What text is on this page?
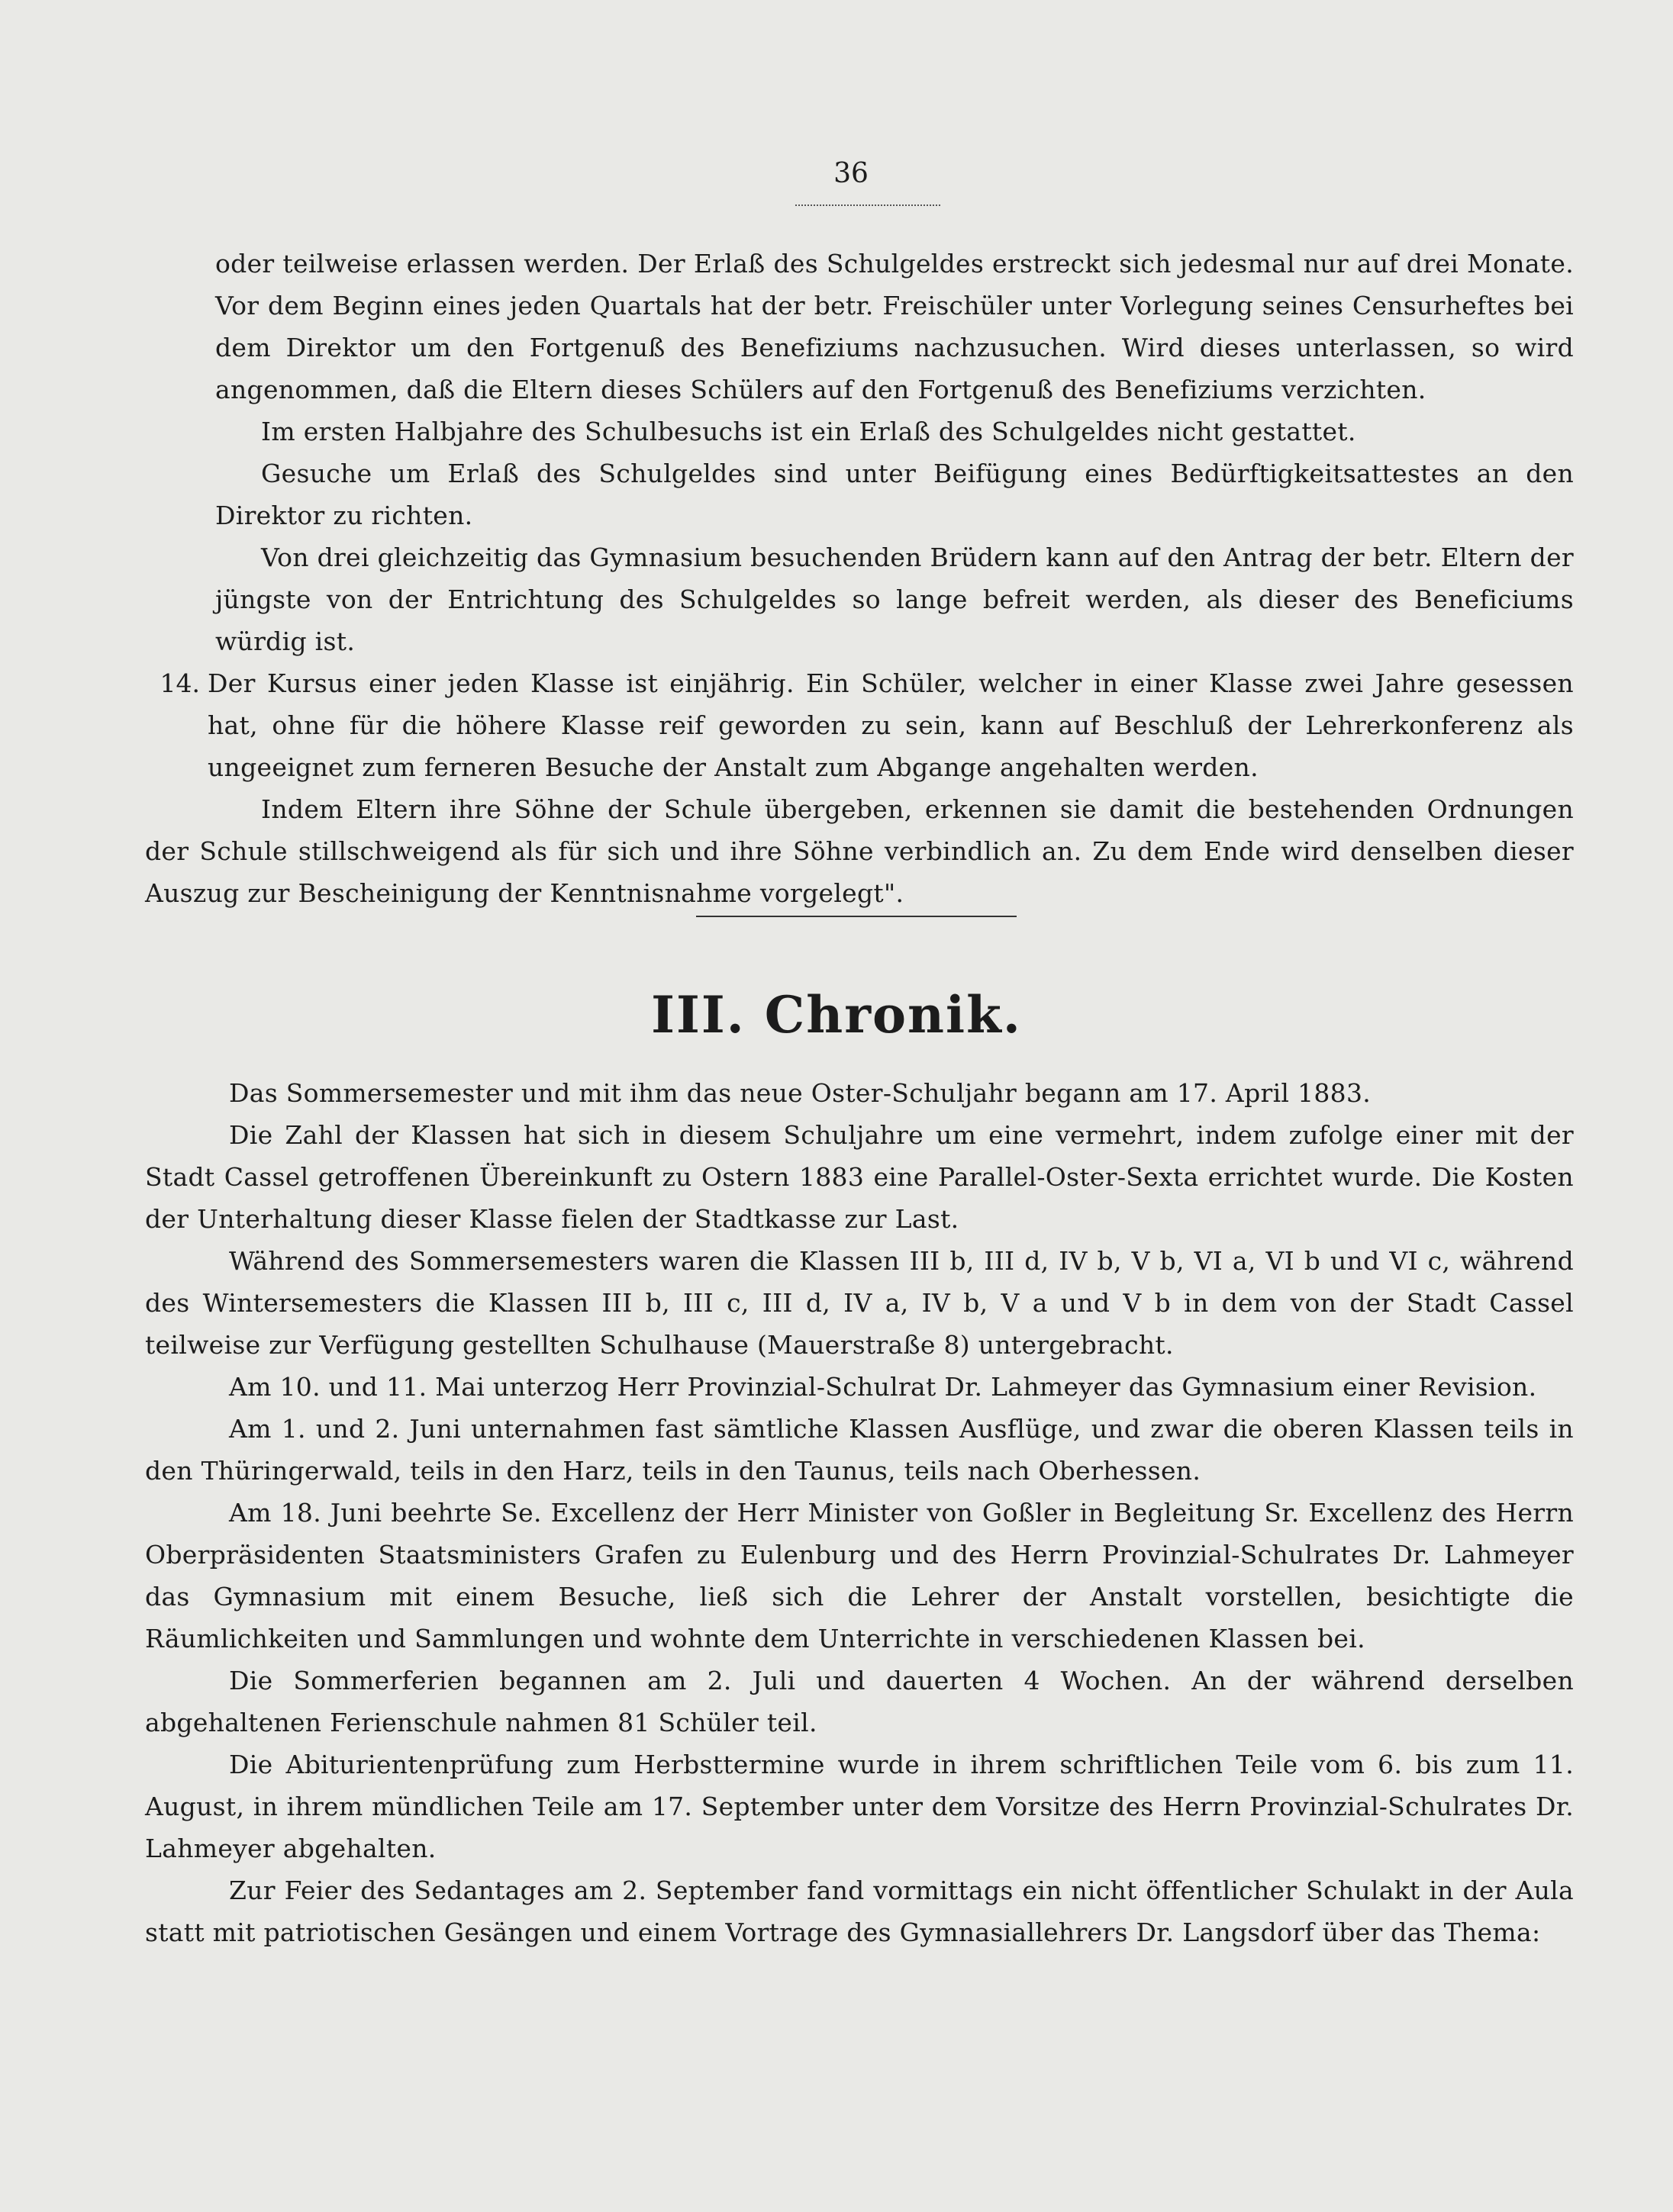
36

oder teilweise erlassen werden. Der Erlaß des Schulgeldes erstreckt sich jedesmal nur auf drei Monate. Vor dem Beginn eines jeden Quartals hat der betr. Freischüler unter Vorlegung seines Censurheftes bei dem Direktor um den Fortgenuß des Benefiziums nachzusuchen. Wird dieses unterlassen, so wird angenommen, daß die Eltern dieses Schülers auf den Fortgenuß des Benefiziums verzichten.

Im ersten Halbjahre des Schulbesuchs ist ein Erlaß des Schulgeldes nicht gestattet.

Gesuche um Erlaß des Schulgeldes sind unter Beifügung eines Bedürftigkeitsattestes an den Direktor zu richten.

Von drei gleichzeitig das Gymnasium besuchenden Brüdern kann auf den Antrag der betr. Eltern der jüngste von der Entrichtung des Schulgeldes so lange befreit werden, als dieser des Beneficiums würdig ist.

14. Der Kursus einer jeden Klasse ist einjährig. Ein Schüler, welcher in einer Klasse zwei Jahre gesessen hat, ohne für die höhere Klasse reif geworden zu sein, kann auf Beschluß der Lehrerkonferenz als ungeeignet zum ferneren Besuche der Anstalt zum Abgange angehalten werden.

Indem Eltern ihre Söhne der Schule übergeben, erkennen sie damit die bestehenden Ordnungen der Schule stillschweigend als für sich und ihre Söhne verbindlich an. Zu dem Ende wird denselben dieser Auszug zur Bescheinigung der Kenntnisnahme vorgelegt".

III. Chronik.

Das Sommersemester und mit ihm das neue Oster-Schuljahr begann am 17. April 1883.

Die Zahl der Klassen hat sich in diesem Schuljahre um eine vermehrt, indem zufolge einer mit der Stadt Cassel getroffenen Übereinkunft zu Ostern 1883 eine Parallel-Oster-Sexta errichtet wurde. Die Kosten der Unterhaltung dieser Klasse fielen der Stadtkasse zur Last.

Während des Sommersemesters waren die Klassen III b, III d, IV b, V b, VI a, VI b und VI c, während des Wintersemesters die Klassen III b, III c, III d, IV a, IV b, V a und V b in dem von der Stadt Cassel teilweise zur Verfügung gestellten Schulhause (Mauerstraße 8) untergebracht.

Am 10. und 11. Mai unterzog Herr Provinzial-Schulrat Dr. Lahmeyer das Gymnasium einer Revision.

Am 1. und 2. Juni unternahmen fast sämtliche Klassen Ausflüge, und zwar die oberen Klassen teils in den Thüringerwald, teils in den Harz, teils in den Taunus, teils nach Oberhessen.

Am 18. Juni beehrte Se. Excellenz der Herr Minister von Goßler in Begleitung Sr. Excellenz des Herrn Oberpräsidenten Staatsministers Grafen zu Eulenburg und des Herrn Provinzial-Schulrates Dr. Lahmeyer das Gymnasium mit einem Besuche, ließ sich die Lehrer der Anstalt vorstellen, besichtigte die Räumlichkeiten und Sammlungen und wohnte dem Unterrichte in verschiedenen Klassen bei.

Die Sommerferien begannen am 2. Juli und dauerten 4 Wochen. An der während derselben abgehaltenen Ferienschule nahmen 81 Schüler teil.

Die Abiturientenprüfung zum Herbsttermine wurde in ihrem schriftlichen Teile vom 6. bis zum 11. August, in ihrem mündlichen Teile am 17. September unter dem Vorsitze des Herrn Provinzial-Schulrates Dr. Lahmeyer abgehalten.

Zur Feier des Sedantages am 2. September fand vormittags ein nicht öffentlicher Schulakt in der Aula statt mit patriotischen Gesängen und einem Vortrage des Gymnasiallehrers Dr. Langsdorf über das Thema:
